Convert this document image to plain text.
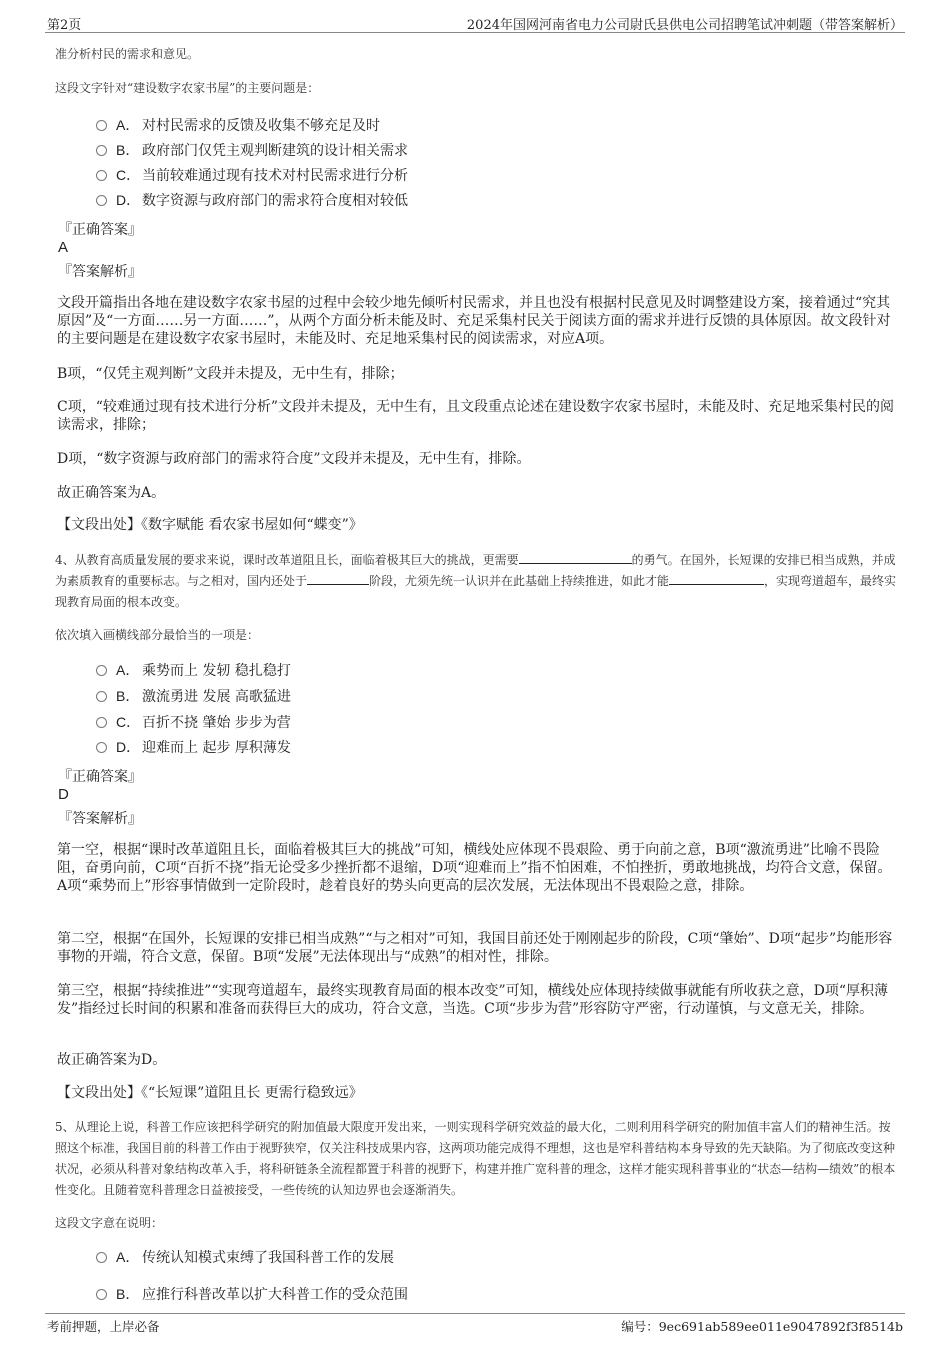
第2页	2024年国网河南省电力公司尉氏县供电公司招聘笔试冲刺题（带答案解析）
准分析村民的需求和意见。
这段文字针对“建设数字农家书屋”的主要问题是：
A． 对村民需求的反馈及收集不够充足及时
B． 政府部门仅凭主观判断建筑的设计相关需求
C． 当前较难通过现有技术对村民需求进行分析
D． 数字资源与政府部门的需求符合度相对较低
『正确答案』
A
『答案解析』
文段开篇指出各地在建设数字农家书屋的过程中会较少地先倾听村民需求，并且也没有根据村民意见及时调整建设方案，接着通过“究其原因”及“一方面……另一方面……”，从两个方面分析未能及时、充足采集村民关于阅读方面的需求并进行反馈的具体原因。故文段针对的主要问题是在建设数字农家书屋时，未能及时、充足地采集村民的阅读需求，对应A项。
B项，“仅凭主观判断”文段并未提及，无中生有，排除；
C项，“较难通过现有技术进行分析”文段并未提及，无中生有，且文段重点论述在建设数字农家书屋时，未能及时、充足地采集村民的阅读需求，排除；
D项，“数字资源与政府部门的需求符合度”文段并未提及，无中生有，排除。
故正确答案为A。
【文段出处】《数字赋能 看农家书屋如何“蝶变”》
4、从教育高质量发展的要求来说，课时改革道阻且长，面临着极其巨大的挑战，更需要	的勇气。在国外，长短课的安排已相当成熟，并成为素质教育的重要标志。与之相对，国内还处于	阶段，尤须先统一认识并在此基础上持续推进，如此才能	，实现弯道超车，最终实现教育局面的根本改变。
依次填入画横线部分最恰当的一项是：
A． 乘势而上 发轫 稳扎稳打
B． 激流勇进 发展 高歌猛进
C． 百折不挠 肇始 步步为营
D． 迎难而上 起步 厚积薄发
『正确答案』
D
『答案解析』
第一空，根据“课时改革道阻且长，面临着极其巨大的挑战”可知，横线处应体现不畏艰险、勇于向前之意，B项“激流勇进”比喻不畏险阻，奋勇向前，C项“百折不挠”指无论受多少挫折都不退缩，D项“迎难而上”指不怕困难，不怕挫折，勇敢地挑战，均符合文意，保留。A项“乘势而上”形容事情做到一定阶段时，趁着良好的势头向更高的层次发展，无法体现出不畏艰险之意，排除。
第二空，根据“在国外，长短课的安排已相当成熟”“与之相对”可知，我国目前还处于刚刚起步的阶段，C项“肇始”、D项“起步”均能形容事物的开端，符合文意，保留。B项“发展”无法体现出与“成熟”的相对性，排除。
第三空，根据“持续推进”“实现弯道超车，最终实现教育局面的根本改变”可知，横线处应体现持续做事就能有所收获之意，D项“厚积薄发”指经过长时间的积累和准备而获得巨大的成功，符合文意，当选。C项“步步为营”形容防守严密，行动谨慎，与文意无关，排除。
故正确答案为D。
【文段出处】《“长短课”道阻且长 更需行稳致远》
5、从理论上说，科普工作应该把科学研究的附加值最大限度开发出来，一则实现科学研究效益的最大化，二则利用科学研究的附加值丰富人们的精神生活。按照这个标准，我国目前的科普工作由于视野狭窄，仅关注科技成果内容，这两项功能完成得不理想，这也是窄科普结构本身导致的先天缺陷。为了彻底改变这种状况，必须从科普对象结构改革入手，将科研链条全流程都置于科普的视野下，构建并推广宽科普的理念，这样才能实现科普事业的“状态—结构—绩效”的根本性变化。且随着宽科普理念日益被接受，一些传统的认知边界也会逐渐消失。
这段文字意在说明：
A． 传统认知模式束缚了我国科普工作的发展
B． 应推行科普改革以扩大科普工作的受众范围
考前押题，上岸必备	编号：9ec691ab589ee011e9047892f3f8514b
